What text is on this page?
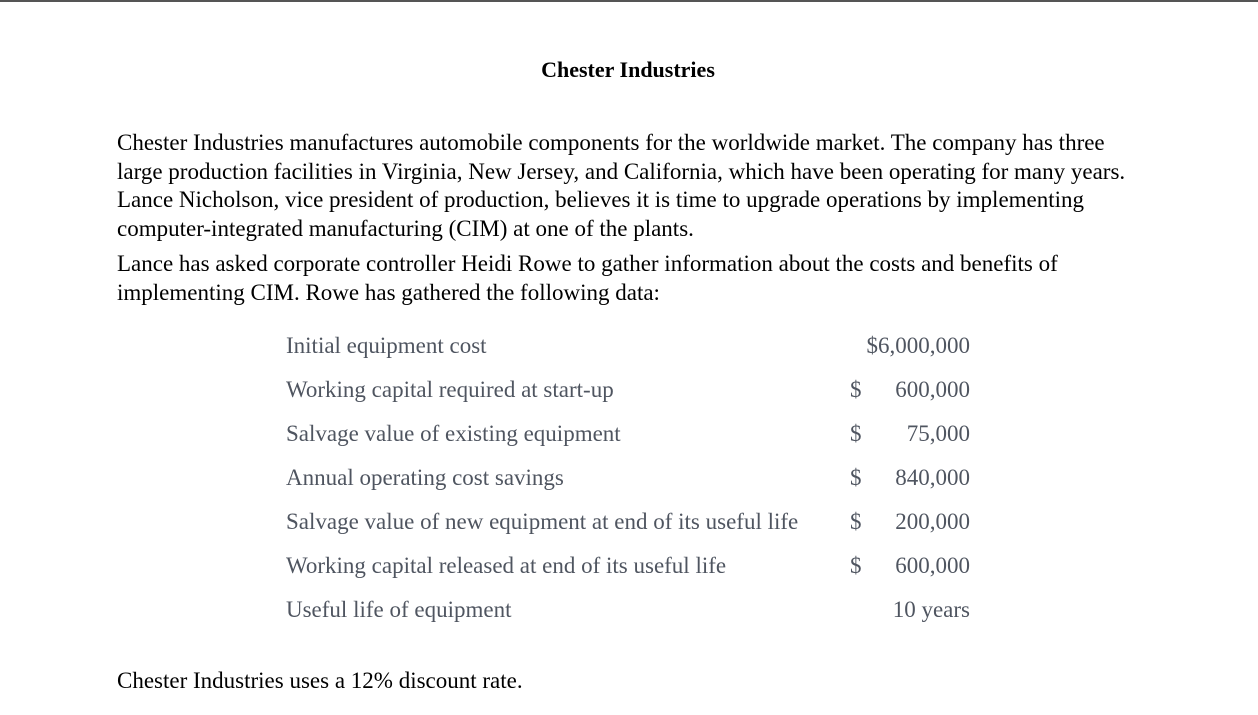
Chester Industries

Chester Industries manufactures automobile components for the worldwide market. The company has three large production facilities in Virginia, New Jersey, and California, which have been operating for many years. Lance Nicholson, vice president of production, believes it is time to upgrade operations by implementing computer-integrated manufacturing (CIM) at one of the plants.

Lance has asked corporate controller Heidi Rowe to gather information about the costs and benefits of implementing CIM. Rowe has gathered the following data:

Initial equipment cost	$6,000,000
Working capital required at start-up	$ 600,000
Salvage value of existing equipment	$ 75,000
Annual operating cost savings	$ 840,000
Salvage value of new equipment at end of its useful life $ 200,000
Working capital released at end of its useful life	$ 600,000
Useful life of equipment	10 years

Chester Industries uses a 12% discount rate.
